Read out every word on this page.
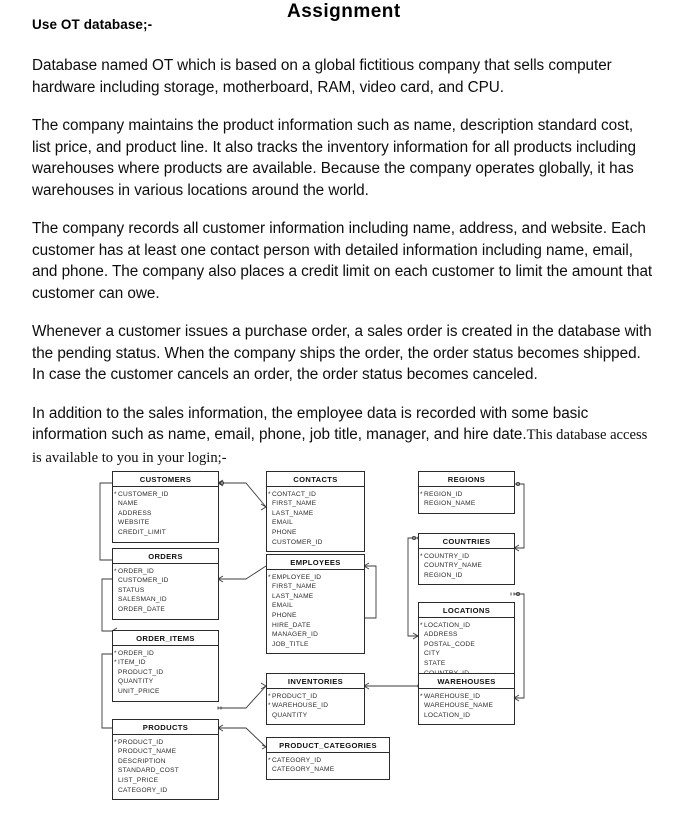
Assignment
Use OT database;-

Database named OT which is based on a global fictitious company that sells computer hardware including storage, motherboard, RAM, video card, and CPU.

The company maintains the product information such as name, description standard cost, list price, and product line. It also tracks the inventory information for all products including warehouses where products are available. Because the company operates globally, it has warehouses in various locations around the world.

The company records all customer information including name, address, and website. Each customer has at least one contact person with detailed information including name, email, and phone. The company also places a credit limit on each customer to limit the amount that customer can owe.

Whenever a customer issues a purchase order, a sales order is created in the database with the pending status. When the company ships the order, the order status becomes shipped. In case the customer cancels an order, the order status becomes canceled.

In addition to the sales information, the employee data is recorded with some basic information such as name, email, phone, job title, manager, and hire date.This database access is available to you in your login;-

CUSTOMERS
*CUSTOMER_ID
NAME
ADDRESS
WEBSITE
CREDIT_LIMIT
ORDERS
*ORDER_ID
CUSTOMER_ID
STATUS
SALESMAN_ID
ORDER_DATE
ORDER_ITEMS
*ORDER_ID
*ITEM_ID
PRODUCT_ID
QUANTITY
UNIT_PRICE
PRODUCTS
*PRODUCT_ID
PRODUCT_NAME
DESCRIPTION
STANDARD_COST
LIST_PRICE
CATEGORY_ID
CONTACTS
*CONTACT_ID
FIRST_NAME
LAST_NAME
EMAIL
PHONE
CUSTOMER_ID
EMPLOYEES
*EMPLOYEE_ID
FIRST_NAME
LAST_NAME
EMAIL
PHONE
HIRE_DATE
MANAGER_ID
JOB_TITLE
INVENTORIES
*PRODUCT_ID
*WAREHOUSE_ID
QUANTITY
PRODUCT_CATEGORIES
*CATEGORY_ID
CATEGORY_NAME
REGIONS
*REGION_ID
REGION_NAME
COUNTRIES
*COUNTRY_ID
COUNTRY_NAME
REGION_ID
LOCATIONS
*LOCATION_ID
ADDRESS
POSTAL_CODE
CITY
STATE
WAREHOUSES
*WAREHOUSE_ID
WAREHOUSE_NAME
LOCATION_ID
